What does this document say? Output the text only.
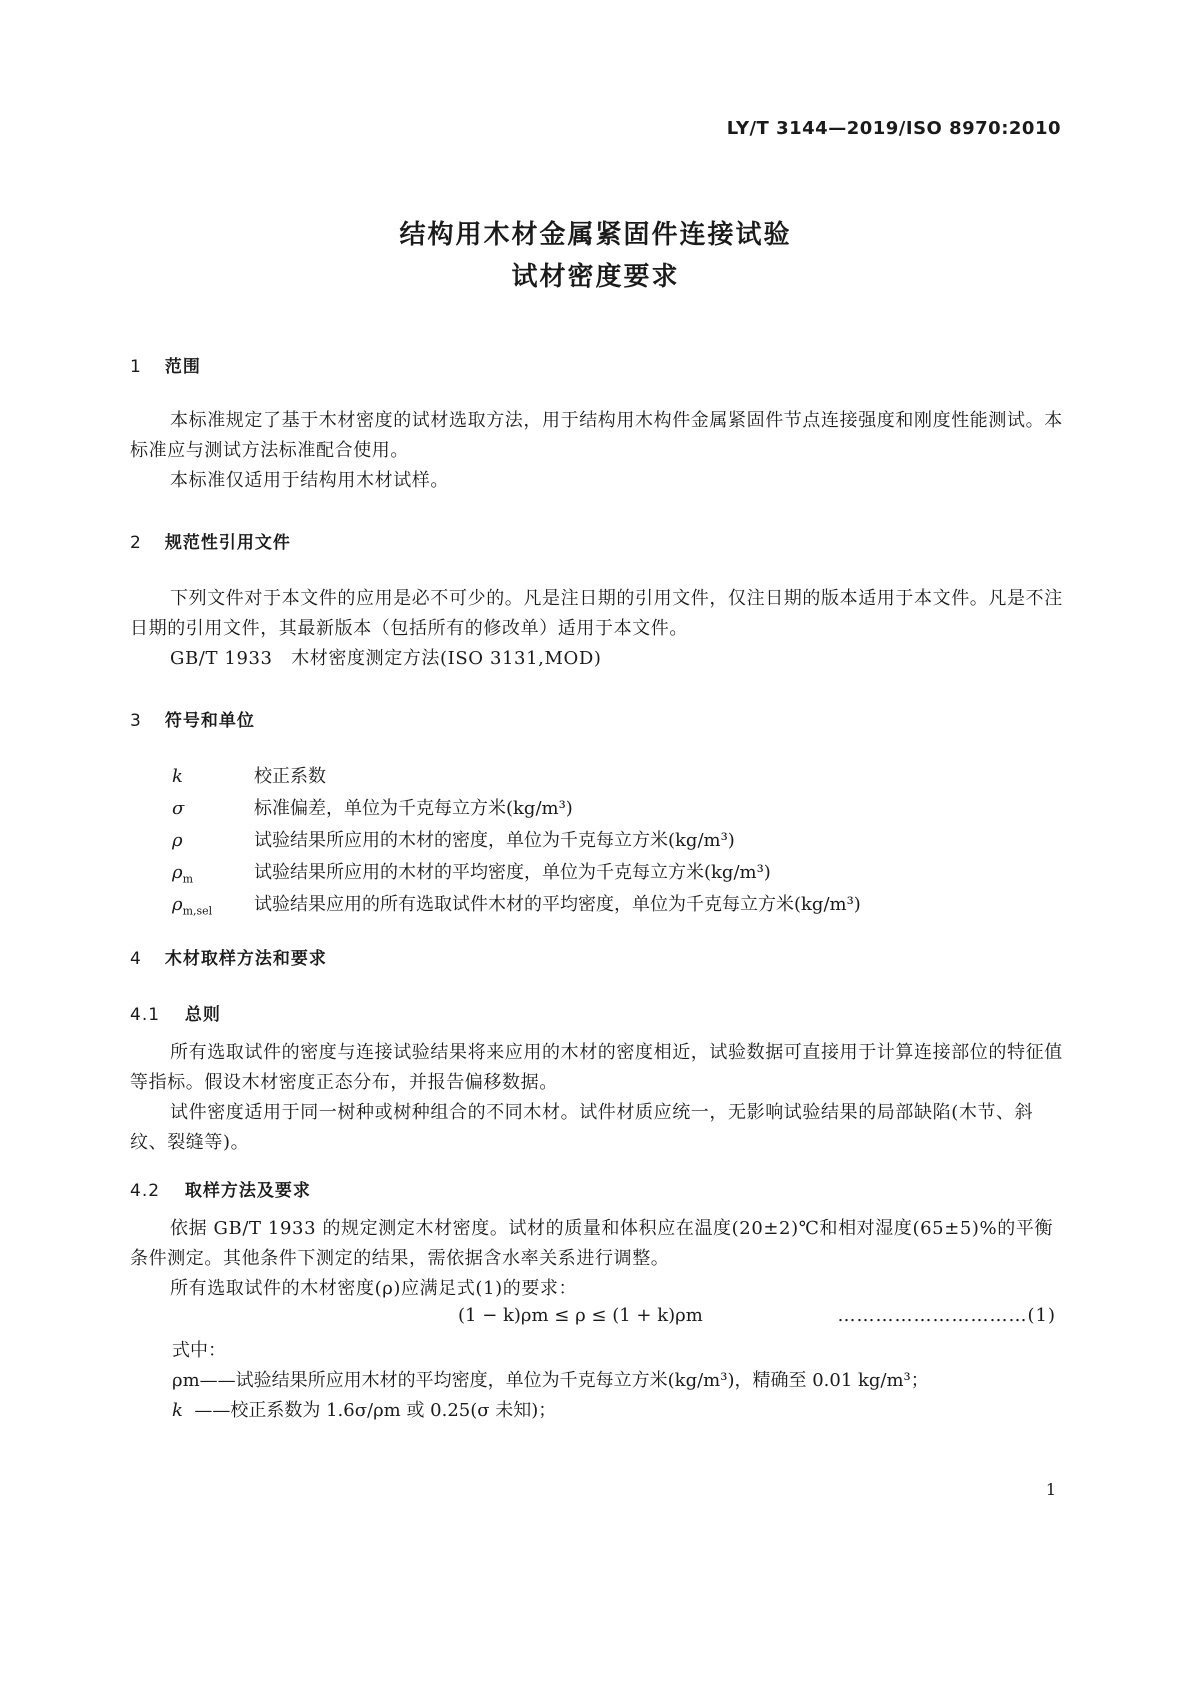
LY/T 3144—2019/ISO 8970:2010
结构用木材金属紧固件连接试验
试材密度要求
1 范围
本标准规定了基于木材密度的试材选取方法，用于结构用木构件金属紧固件节点连接强度和刚度性能测试。本标准应与测试方法标准配合使用。
本标准仅适用于结构用木材试样。
2 规范性引用文件
下列文件对于本文件的应用是必不可少的。凡是注日期的引用文件，仅注日期的版本适用于本文件。凡是不注日期的引用文件，其最新版本（包括所有的修改单）适用于本文件。
GB/T 1933　木材密度测定方法(ISO 3131,MOD)
3 符号和单位
k	校正系数
σ	标准偏差，单位为千克每立方米(kg/m³)
ρ	试验结果所应用的木材的密度，单位为千克每立方米(kg/m³)
$\rho_m$	试验结果所应用的木材的平均密度，单位为千克每立方米(kg/m³)
$\rho_{m,sel}$ 试验结果应用的所有选取试件木材的平均密度，单位为千克每立方米(kg/m³)
4 木材取样方法和要求
4.1 总则
所有选取试件的密度与连接试验结果将来应用的木材的密度相近，试验数据可直接用于计算连接部位的特征值等指标。假设木材密度正态分布，并报告偏移数据。
试件密度适用于同一树种或树种组合的不同木材。试件材质应统一，无影响试验结果的局部缺陷(木节、斜纹、裂缝等)。
4.2 取样方法及要求
依据 GB/T 1933 的规定测定木材密度。试材的质量和体积应在温度(20±2)℃和相对湿度(65±5)%的平衡条件测定。其他条件下测定的结果，需依据含水率关系进行调整。
所有选取试件的木材密度(ρ)应满足式(1)的要求：
(1 − k)ρm ≤ ρ ≤ (1 + k)ρm	…………………………(1)
式中：
ρm——试验结果所应用木材的平均密度，单位为千克每立方米(kg/m³)，精确至 0.01 kg/m³；
k ——校正系数为 1.6σ/ρm 或 0.25(σ 未知)；
1
